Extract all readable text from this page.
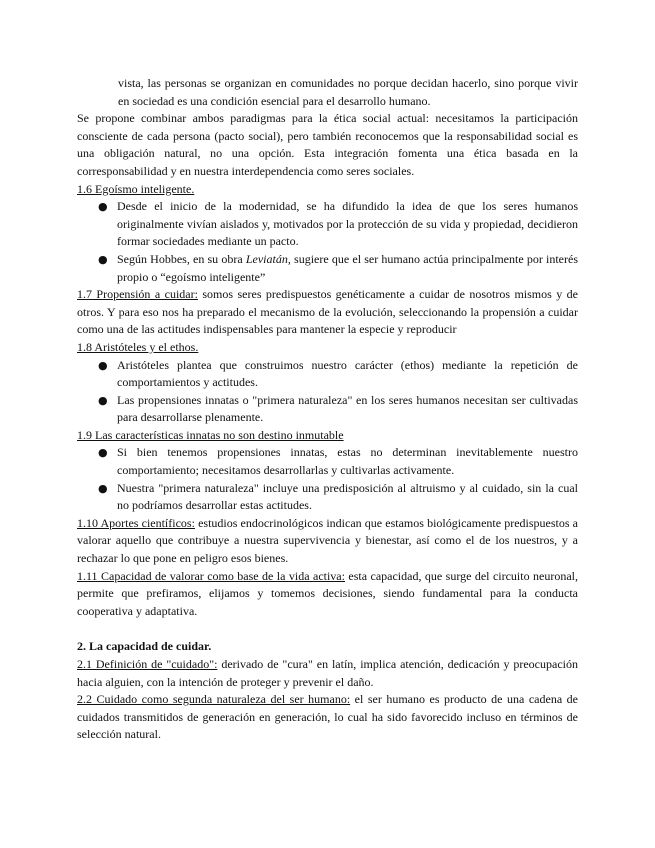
vista, las personas se organizan en comunidades no porque decidan hacerlo, sino porque vivir en sociedad es una condición esencial para el desarrollo humano.

Se propone combinar ambos paradigmas para la ética social actual: necesitamos la participación consciente de cada persona (pacto social), pero también reconocemos que la responsabilidad social es una obligación natural, no una opción. Esta integración fomenta una ética basada en la corresponsabilidad y en nuestra interdependencia como seres sociales.

1.6 Egoísmo inteligente.

● Desde el inicio de la modernidad, se ha difundido la idea de que los seres humanos originalmente vivían aislados y, motivados por la protección de su vida y propiedad, decidieron formar sociedades mediante un pacto.
● Según Hobbes, en su obra Leviatán, sugiere que el ser humano actúa principalmente por interés propio o “egoísmo inteligente”

1.7 Propensión a cuidar: somos seres predispuestos genéticamente a cuidar de nosotros mismos y de otros. Y para eso nos ha preparado el mecanismo de la evolución, seleccionando la propensión a cuidar como una de las actitudes indispensables para mantener la especie y reproducir

1.8 Aristóteles y el ethos.

● Aristóteles plantea que construimos nuestro carácter (ethos) mediante la repetición de comportamientos y actitudes.
● Las propensiones innatas o "primera naturaleza" en los seres humanos necesitan ser cultivadas para desarrollarse plenamente.

1.9 Las características innatas no son destino inmutable

● Si bien tenemos propensiones innatas, estas no determinan inevitablemente nuestro comportamiento; necesitamos desarrollarlas y cultivarlas activamente.
● Nuestra "primera naturaleza" incluye una predisposición al altruismo y al cuidado, sin la cual no podríamos desarrollar estas actitudes.

1.10 Aportes científicos: estudios endocrinológicos indican que estamos biológicamente predispuestos a valorar aquello que contribuye a nuestra supervivencia y bienestar, así como el de los nuestros, y a rechazar lo que pone en peligro esos bienes.

1.11 Capacidad de valorar como base de la vida activa: esta capacidad, que surge del circuito neuronal, permite que prefiramos, elijamos y tomemos decisiones, siendo fundamental para la conducta cooperativa y adaptativa.

2. La capacidad de cuidar.

2.1 Definición de "cuidado": derivado de "cura" en latín, implica atención, dedicación y preocupación hacia alguien, con la intención de proteger y prevenir el daño.

2.2 Cuidado como segunda naturaleza del ser humano: el ser humano es producto de una cadena de cuidados transmitidos de generación en generación, lo cual ha sido favorecido incluso en términos de selección natural.
